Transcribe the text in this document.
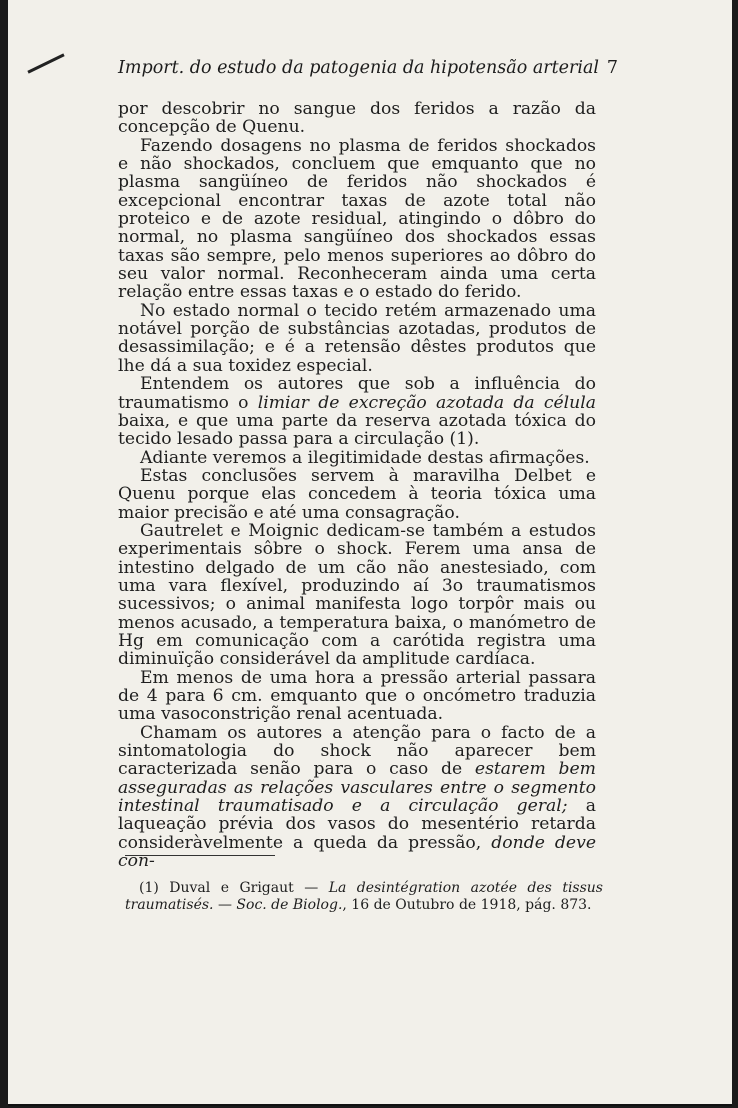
Import. do estudo da patogenia da hipotensão arterial 7

por descobrir no sangue dos feridos a razão da concepção de Quenu.

Fazendo dosagens no plasma de feridos shockados e não shockados, concluem que emquanto que no plasma sangüíneo de feridos não shockados é excepcional encontrar taxas de azote total não proteico e de azote residual, atingindo o dôbro do normal, no plasma sangüíneo dos shockados essas taxas são sempre, pelo menos superiores ao dôbro do seu valor normal. Reconheceram ainda uma certa relação entre essas taxas e o estado do ferido.

No estado normal o tecido retém armazenado uma notável porção de substâncias azotadas, produtos de desassimilação; e é a retensão dêstes produtos que lhe dá a sua toxidez especial.

Entendem os autores que sob a influência do traumatismo o limiar de excreção azotada da célula baixa, e que uma parte da reserva azotada tóxica do tecido lesado passa para a circulação (1).

Adiante veremos a ilegitimidade destas afirmações.

Estas conclusões servem à maravilha Delbet e Quenu porque elas concedem à teoria tóxica uma maior precisão e até uma consagração.

Gautrelet e Moignic dedicam-se também a estudos experimentais sôbre o shock. Ferem uma ansa de intestino delgado de um cão não anestesiado, com uma vara flexível, produzindo aí 3o traumatismos sucessivos; o animal manifesta logo torpôr mais ou menos acusado, a temperatura baixa, o manómetro de Hg em comunicação com a carótida registra uma diminuïção considerável da amplitude cardíaca.

Em menos de uma hora a pressão arterial passara de 4 para 6 cm. emquanto que o oncómetro traduzia uma vasoconstrição renal acentuada.

Chamam os autores a atenção para o facto de a sintomatologia do shock não aparecer bem caracterizada senão para o caso de estarem bem asseguradas as relações vasculares entre o segmento intestinal traumatisado e a circulação geral; a laqueação prévia dos vasos do mesentério retarda consideràvelmente a queda da pressão, donde deve con-

(1) Duval e Grigaut — La desintégration azotée des tissus traumatisés. — Soc. de Biolog., 16 de Outubro de 1918, pág. 873.
